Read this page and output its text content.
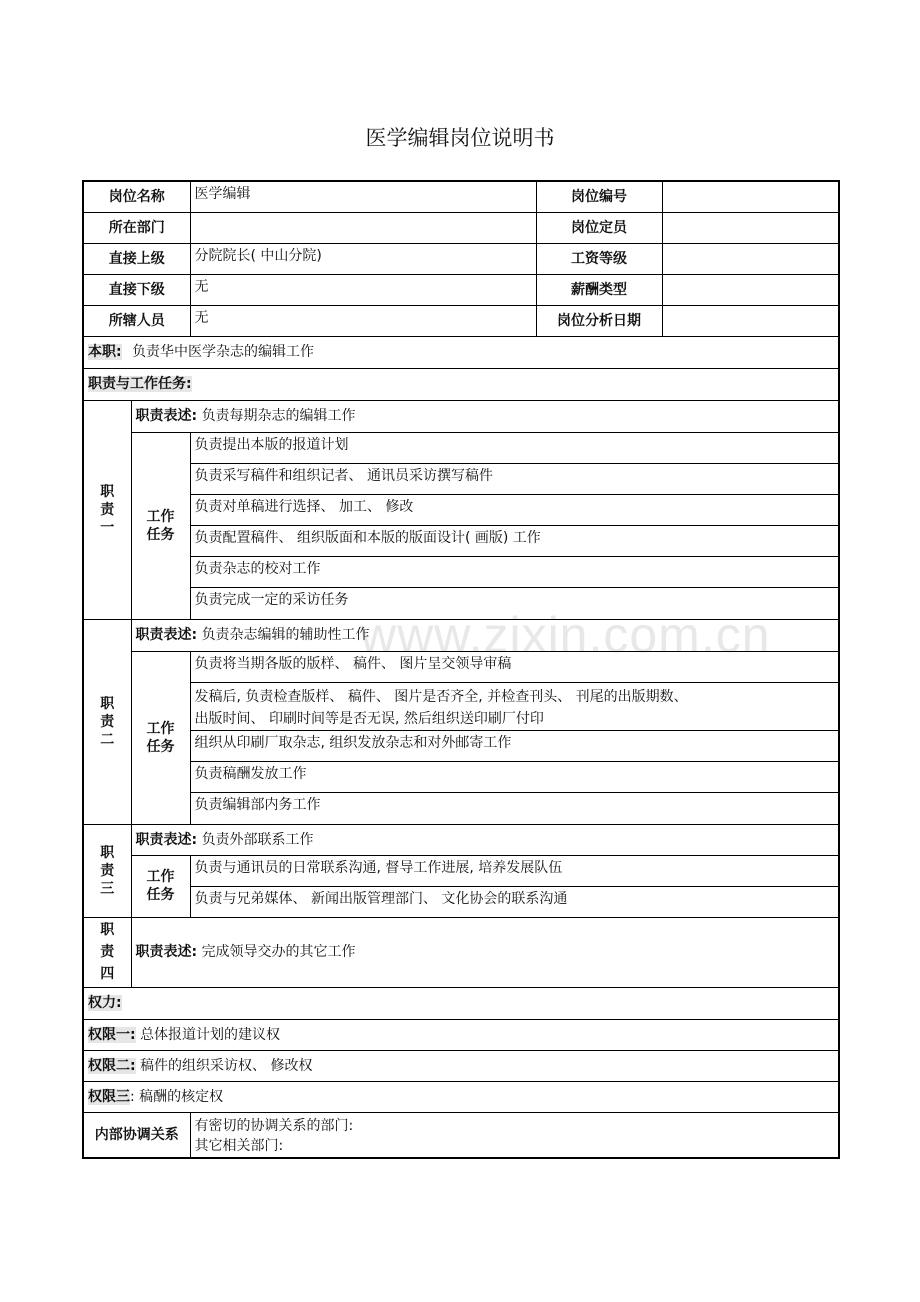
医学编辑岗位说明书
www.zixin.com.cn
岗位名称		医学编辑	岗位编号	
所在部门			岗位定员	
直接上级		分院院长( 中山分院)	工资等级	
直接下级		无	薪酬类型	
所辖人员		无	岗位分析日期	
本职: 负责华中医学杂志的编辑工作				
职责与工作任务:				
职责一	职责表述: 负责每期杂志的编辑工作			
	工作任务	负责提出本版的报道计划		
		负责采写稿件和组织记者、 通讯员采访撰写稿件		
		负责对单稿进行选择、 加工、 修改		
		负责配置稿件、 组织版面和本版的版面设计( 画版) 工作		
		负责杂志的校对工作		
		负责完成一定的采访任务		
职责二	职责表述: 负责杂志编辑的辅助性工作			
	工作任务	负责将当期各版的版样、 稿件、 图片呈交领导审稿		

		发稿后, 负责检查版样、 稿件、 图片是否齐全, 并检查刊头、 刊尾的出版期数、
出版时间、 印刷时间等是否无误, 然后组织送印刷厂付印		

		组织从印刷厂取杂志, 组织发放杂志和对外邮寄工作		
		负责稿酬发放工作		
		负责编辑部内务工作		
职责三	职责表述: 负责外部联系工作			
	工作任务	负责与通讯员的日常联系沟通, 督导工作进展, 培养发展队伍		
		负责与兄弟媒体、 新闻出版管理部门、 文化协会的联系沟通		
职责四	职责表述: 完成领导交办的其它工作			
权力:				
权限一: 总体报道计划的建议权				
权限二: 稿件的组织采访权、 修改权				
权限三: 稿酬的核定权				
内部协调关系		有密切的协调关系的部门:
其它相关部门:		
